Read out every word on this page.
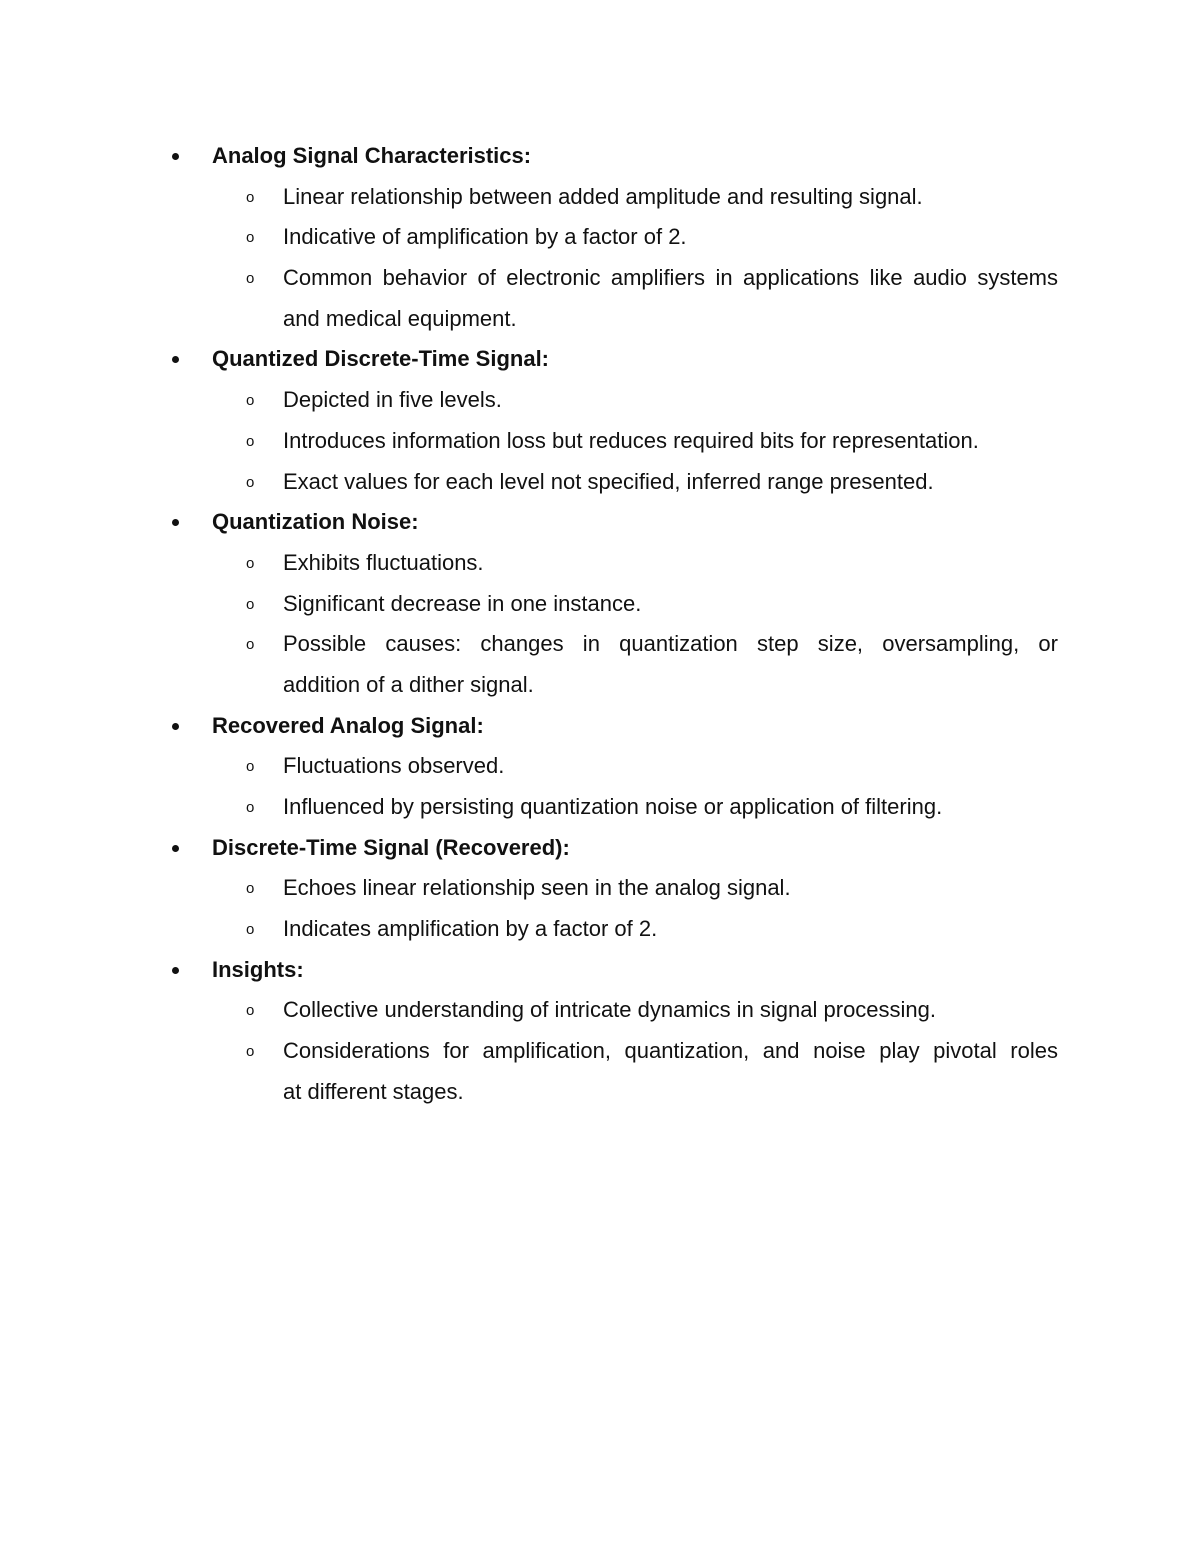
Analog Signal Characteristics:
o Linear relationship between added amplitude and resulting signal.
o Indicative of amplification by a factor of 2.
o Common behavior of electronic amplifiers in applications like audio systems
and medical equipment.
Quantized Discrete-Time Signal:
o Depicted in five levels.
o Introduces information loss but reduces required bits for representation.
o Exact values for each level not specified, inferred range presented.
Quantization Noise:
o Exhibits fluctuations.
o Significant decrease in one instance.
o Possible causes: changes in quantization step size, oversampling, or
addition of a dither signal.
Recovered Analog Signal:
o Fluctuations observed.
o Influenced by persisting quantization noise or application of filtering.
Discrete-Time Signal (Recovered):
o Echoes linear relationship seen in the analog signal.
o Indicates amplification by a factor of 2.
Insights:
o Collective understanding of intricate dynamics in signal processing.
o Considerations for amplification, quantization, and noise play pivotal roles
at different stages.
